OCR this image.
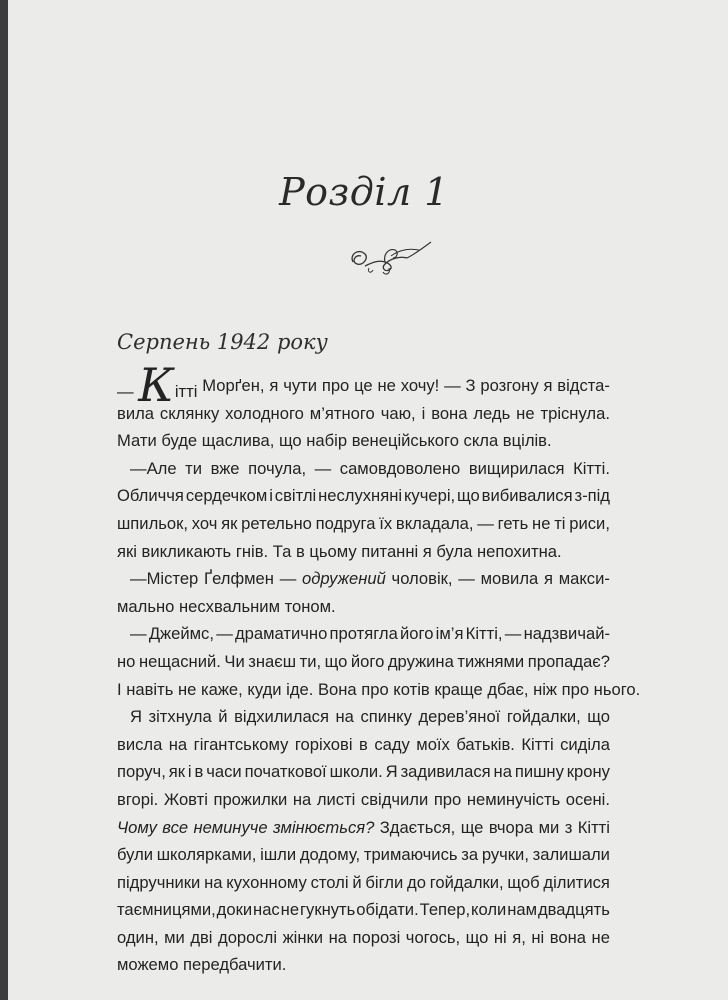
Розділ 1
Серпень 1942 року
— Кітті Морґен, я чути про це не хочу! — З розгону я відста-
вила склянку холодного м’ятного чаю, і вона ледь не тріснула.
Мати буде щаслива, що набір венеційського скла вцілів.
—Але ти вже почула, — самовдоволено вищирилася Кітті.
Обличчя сердечком і світлі неслухняні кучері, що вибивалися з-під
шпильок, хоч як ретельно подруга їх вкладала, — геть не ті риси,
які викликають гнів. Та в цьому питанні я була непохитна.
—Містер Ґелфмен — одружений чоловік, — мовила я макси-
мально несхвальним тоном.
— Джеймс, — драматично протягла його ім’я Кітті, — надзвичай-
но нещасний. Чи знаєш ти, що його дружина тижнями пропадає?
І навіть не каже, куди іде. Вона про котів краще дбає, ніж про нього.
Я зітхнула й відхилилася на спинку дерев’яної гойдалки, що
висла на гігантському горіхові в саду моїх батьків. Кітті сиділа
поруч, як і в часи початкової школи. Я задивилася на пишну крону
вгорі. Жовті прожилки на листі свідчили про неминучість осені.
Чому все неминуче змінюється? Здається, ще вчора ми з Кітті
були школярками, ішли додому, тримаючись за ручки, залишали
підручники на кухонному столі й бігли до гойдалки, щоб ділитися
таємницями, доки нас не гукнуть обідати. Тепер, коли нам двадцять
один, ми дві дорослі жінки на порозі чогось, що ні я, ні вона не
можемо передбачити.
